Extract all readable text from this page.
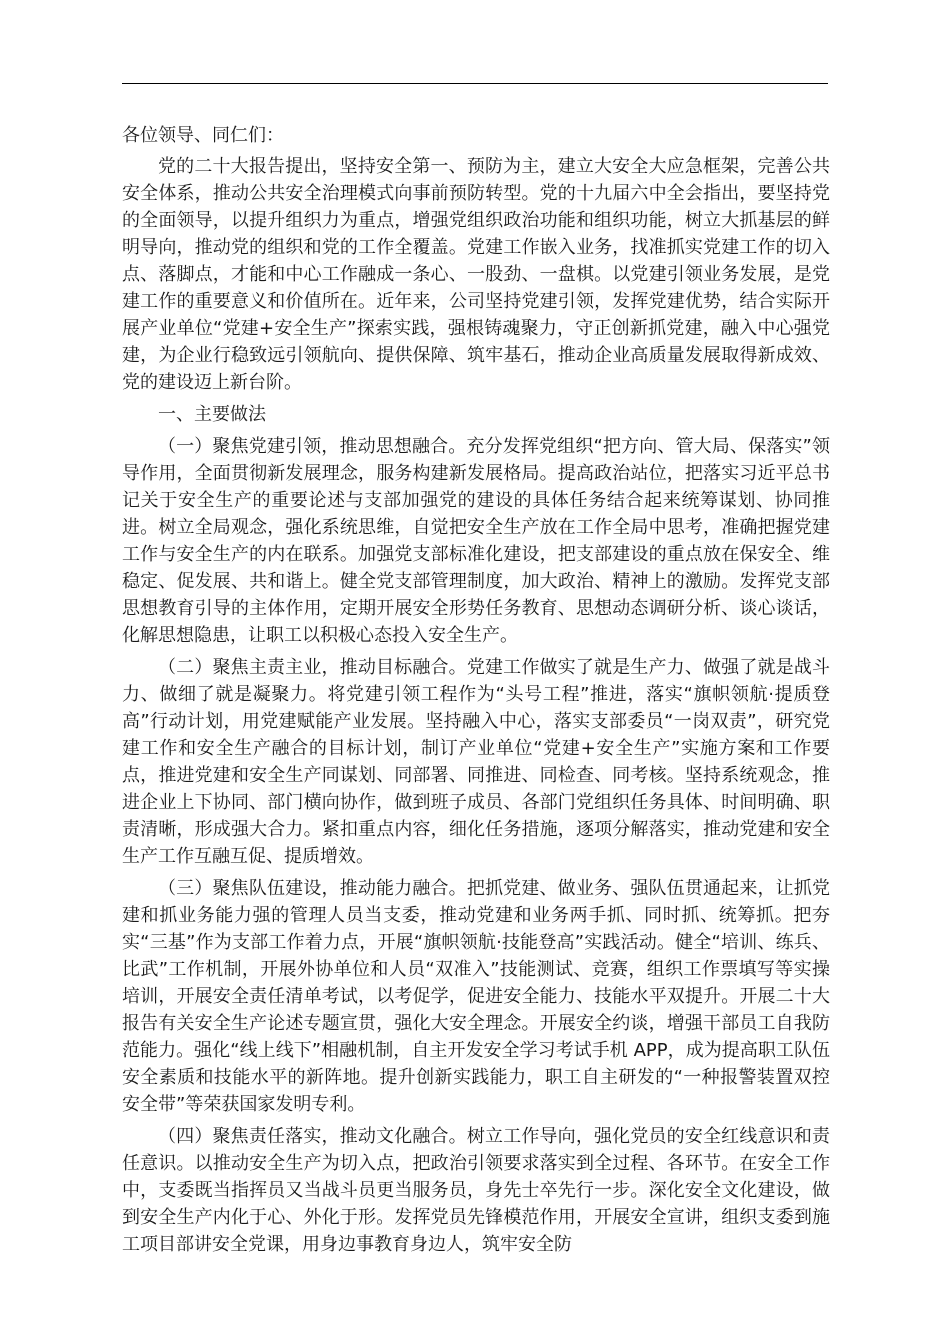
各位领导、同仁们：

党的二十大报告提出，坚持安全第一、预防为主，建立大安全大应急框架，完善公共安全体系，推动公共安全治理模式向事前预防转型。党的十九届六中全会指出，要坚持党的全面领导，以提升组织力为重点，增强党组织政治功能和组织功能，树立大抓基层的鲜明导向，推动党的组织和党的工作全覆盖。党建工作嵌入业务，找准抓实党建工作的切入点、落脚点，才能和中心工作融成一条心、一股劲、一盘棋。以党建引领业务发展，是党建工作的重要意义和价值所在。近年来，公司坚持党建引领，发挥党建优势，结合实际开展产业单位“党建+安全生产”探索实践，强根铸魂聚力，守正创新抓党建，融入中心强党建，为企业行稳致远引领航向、提供保障、筑牢基石，推动企业高质量发展取得新成效、党的建设迈上新台阶。

一、主要做法

（一）聚焦党建引领，推动思想融合。充分发挥党组织“把方向、管大局、保落实”领导作用，全面贯彻新发展理念，服务构建新发展格局。提高政治站位，把落实习近平总书记关于安全生产的重要论述与支部加强党的建设的具体任务结合起来统筹谋划、协同推进。树立全局观念，强化系统思维，自觉把安全生产放在工作全局中思考，准确把握党建工作与安全生产的内在联系。加强党支部标准化建设，把支部建设的重点放在保安全、维稳定、促发展、共和谐上。健全党支部管理制度，加大政治、精神上的激励。发挥党支部思想教育引导的主体作用，定期开展安全形势任务教育、思想动态调研分析、谈心谈话，化解思想隐患，让职工以积极心态投入安全生产。

（二）聚焦主责主业，推动目标融合。党建工作做实了就是生产力、做强了就是战斗力、做细了就是凝聚力。将党建引领工程作为“头号工程”推进，落实“旗帜领航·提质登高”行动计划，用党建赋能产业发展。坚持融入中心，落实支部委员“一岗双责”，研究党建工作和安全生产融合的目标计划，制订产业单位“党建+安全生产”实施方案和工作要点，推进党建和安全生产同谋划、同部署、同推进、同检查、同考核。坚持系统观念，推进企业上下协同、部门横向协作，做到班子成员、各部门党组织任务具体、时间明确、职责清晰，形成强大合力。紧扣重点内容，细化任务措施，逐项分解落实，推动党建和安全生产工作互融互促、提质增效。

（三）聚焦队伍建设，推动能力融合。把抓党建、做业务、强队伍贯通起来，让抓党建和抓业务能力强的管理人员当支委，推动党建和业务两手抓、同时抓、统筹抓。把夯实“三基”作为支部工作着力点，开展“旗帜领航·技能登高”实践活动。健全“培训、练兵、比武”工作机制，开展外协单位和人员“双准入”技能测试、竞赛，组织工作票填写等实操培训，开展安全责任清单考试，以考促学，促进安全能力、技能水平双提升。开展二十大报告有关安全生产论述专题宣贯，强化大安全理念。开展安全约谈，增强干部员工自我防范能力。强化“线上线下”相融机制，自主开发安全学习考试手机 APP，成为提高职工队伍安全素质和技能水平的新阵地。提升创新实践能力，职工自主研发的“一种报警装置双控安全带”等荣获国家发明专利。

（四）聚焦责任落实，推动文化融合。树立工作导向，强化党员的安全红线意识和责任意识。以推动安全生产为切入点，把政治引领要求落实到全过程、各环节。在安全工作中，支委既当指挥员又当战斗员更当服务员，身先士卒先行一步。深化安全文化建设，做到安全生产内化于心、外化于形。发挥党员先锋模范作用，开展安全宣讲，组织支委到施工项目部讲安全党课，用身边事教育身边人，筑牢安全防
